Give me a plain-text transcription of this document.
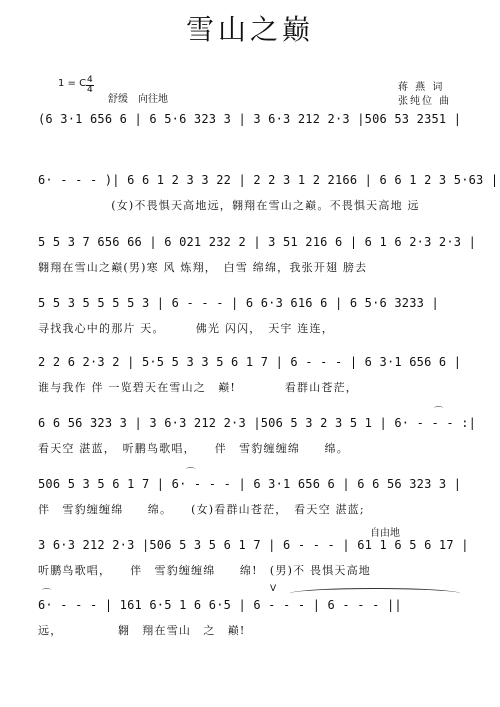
雪山之巅
1 = C 4
4
舒缓　向往地
蒋 燕 词
张纯位 曲
(6 3·1 656 6 | 6 5·6 323 3 | 3 6·3 212 2·3 |506 53 2351 |
6· - - - )| 6 6 1 2 3 3 22 | 2 2 3 1 2 2166 | 6 6 1 2 3 5·63 |
　　　　　　(女)不畏惧天高地远，翱翔在雪山之巅。不畏惧天高地 远
5 5 3 7 656 66 | 6 021 232 2 | 3 51 216 6 | 6 1 6 2·3 2·3 |
翱翔在雪山之巅(男)寒 风 炼翔，　白雪 绵绵，我张开翅 膀去
5 5 3 5 5 5 5 3 | 6 - - - | 6 6·3 616 6 | 6 5·6 3233 |
寻找我心中的那片 天。　　　佛光 闪闪，　天宇 连连，
2 2 6 2·3 2 | 5·5 5 3 3 5 6 1 7 | 6 - - - | 6 3·1 656 6 |
谁与我作 伴 一览碧天在雪山之　巅!　　　　看群山苍茫，
⌒
6 6 56 323 3 | 3 6·3 212 2·3 |506 5 3 2 3 5 1 | 6· - - - :|
看天空 湛蓝，　听鹏鸟歌唱，　　伴　雪豹缠缠绵　　绵。
⌒
506 5 3 5 6 1 7 | 6· - - - | 6 3·1 656 6 | 6 6 56 323 3 |
伴　雪豹缠缠绵　　绵。　　(女)看群山苍茫，　看天空 湛蓝;
自由地
3 6·3 212 2·3 |506 5 3 5 6 1 7 | 6 - - - | 61 1 6 5 6 17 |
听鹏鸟歌唱，　　伴　雪豹缠缠绵　　绵!　(男)不 畏惧天高地
⌒	V
6· - - - | 161 6·5 1 6 6·5 | 6 - - - | 6 - - - ||
远，　　　　　翱　翔在雪山　之　巅!
